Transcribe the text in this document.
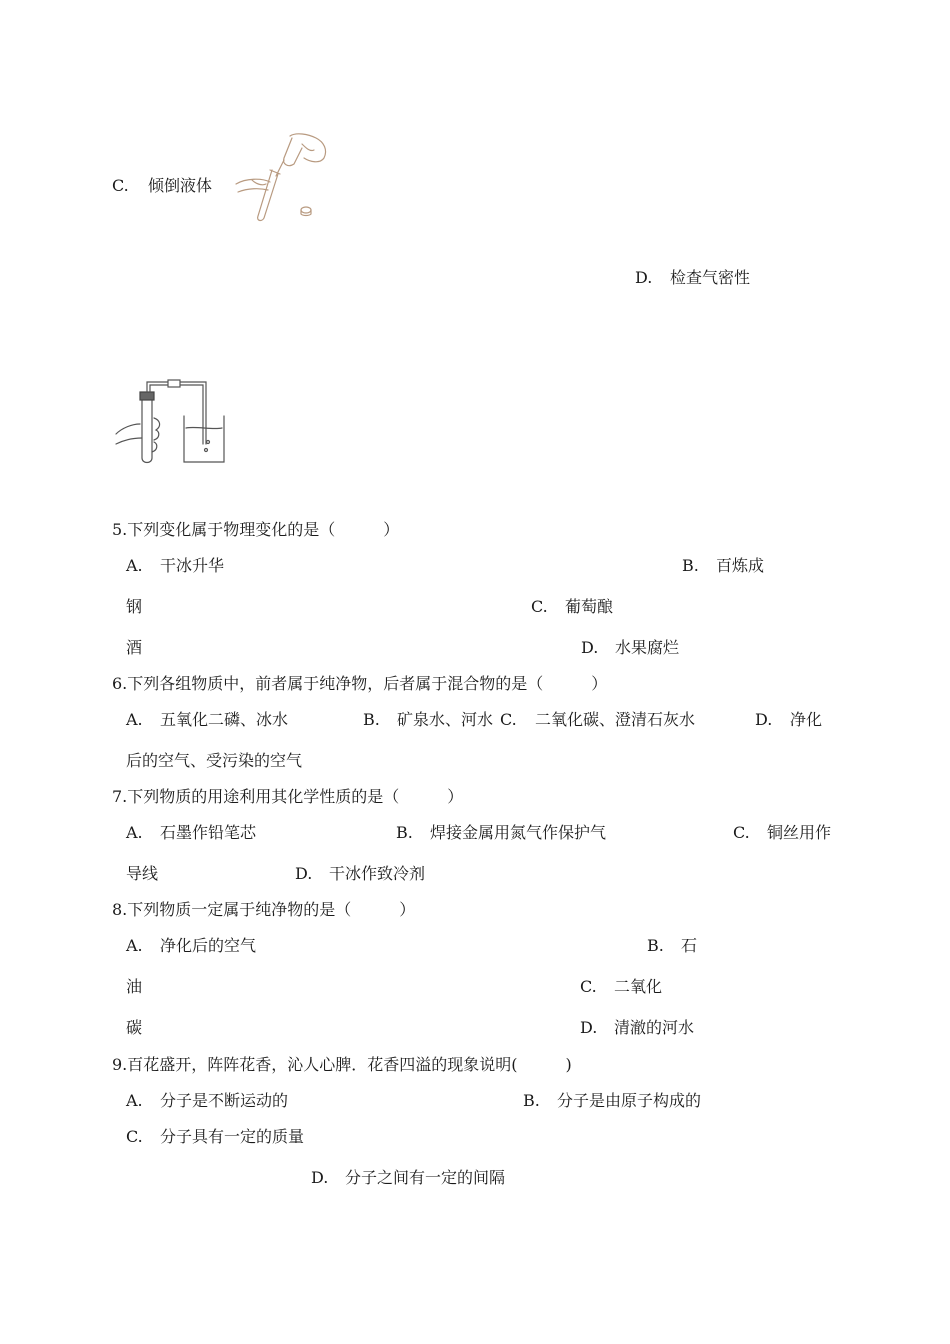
C. 倾倒液体
D. 检查气密性
5.下列变化属于物理变化的是（　　　）
A. 干冰升华	B. 百炼成
钢	C. 葡萄酿
酒	D. 水果腐烂
6.下列各组物质中，前者属于纯净物，后者属于混合物的是（　　　）
A. 五氧化二磷、冰水	B. 矿泉水、河水 C. 二氧化碳、澄清石灰水	D. 净化
后的空气、受污染的空气
7.下列物质的用途利用其化学性质的是（　　　）
A. 石墨作铅笔芯	B. 焊接金属用氮气作保护气	C. 铜丝用作
导线	D. 干冰作致冷剂
8.下列物质一定属于纯净物的是（　　　）
A. 净化后的空气	B. 石
油	C. 二氧化
碳	D. 清澈的河水
9.百花盛开，阵阵花香，沁人心脾．花香四溢的现象说明(　　　)
A. 分子是不断运动的	B. 分子是由原子构成的
C. 分子具有一定的质量
D. 分子之间有一定的间隔
